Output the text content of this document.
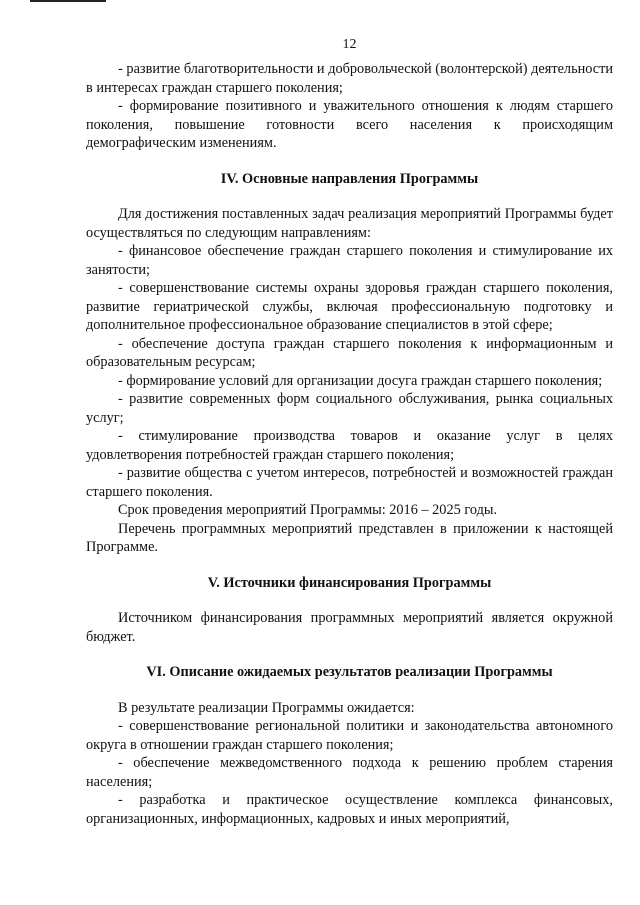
12

- развитие благотворительности и добровольческой (волонтерской) деятельности в интересах граждан старшего поколения;

- формирование позитивного и уважительного отношения к людям старшего поколения, повышение готовности всего населения к происходящим демографическим изменениям.

IV. Основные направления Программы

Для достижения поставленных задач реализация мероприятий Программы будет осуществляться по следующим направлениям:

- финансовое обеспечение граждан старшего поколения и стимулирование их занятости;

- совершенствование системы охраны здоровья граждан старшего поколения, развитие гериатрической службы, включая профессиональную подготовку и дополнительное профессиональное образование специалистов в этой сфере;

- обеспечение доступа граждан старшего поколения к информационным и образовательным ресурсам;

- формирование условий для организации досуга граждан старшего поколения;

- развитие современных форм социального обслуживания, рынка социальных услуг;

- стимулирование производства товаров и оказание услуг в целях удовлетворения потребностей граждан старшего поколения;

- развитие общества с учетом интересов, потребностей и возможностей граждан старшего поколения.

Срок проведения мероприятий Программы: 2016 – 2025 годы.

Перечень программных мероприятий представлен в приложении к настоящей Программе.

V. Источники финансирования Программы

Источником финансирования программных мероприятий является окружной бюджет.

VI. Описание ожидаемых результатов реализации Программы

В результате реализации Программы ожидается:

- совершенствование региональной политики и законодательства автономного округа в отношении граждан старшего поколения;

- обеспечение межведомственного подхода к решению проблем старения населения;

- разработка и практическое осуществление комплекса финансовых, организационных, информационных, кадровых и иных мероприятий,
